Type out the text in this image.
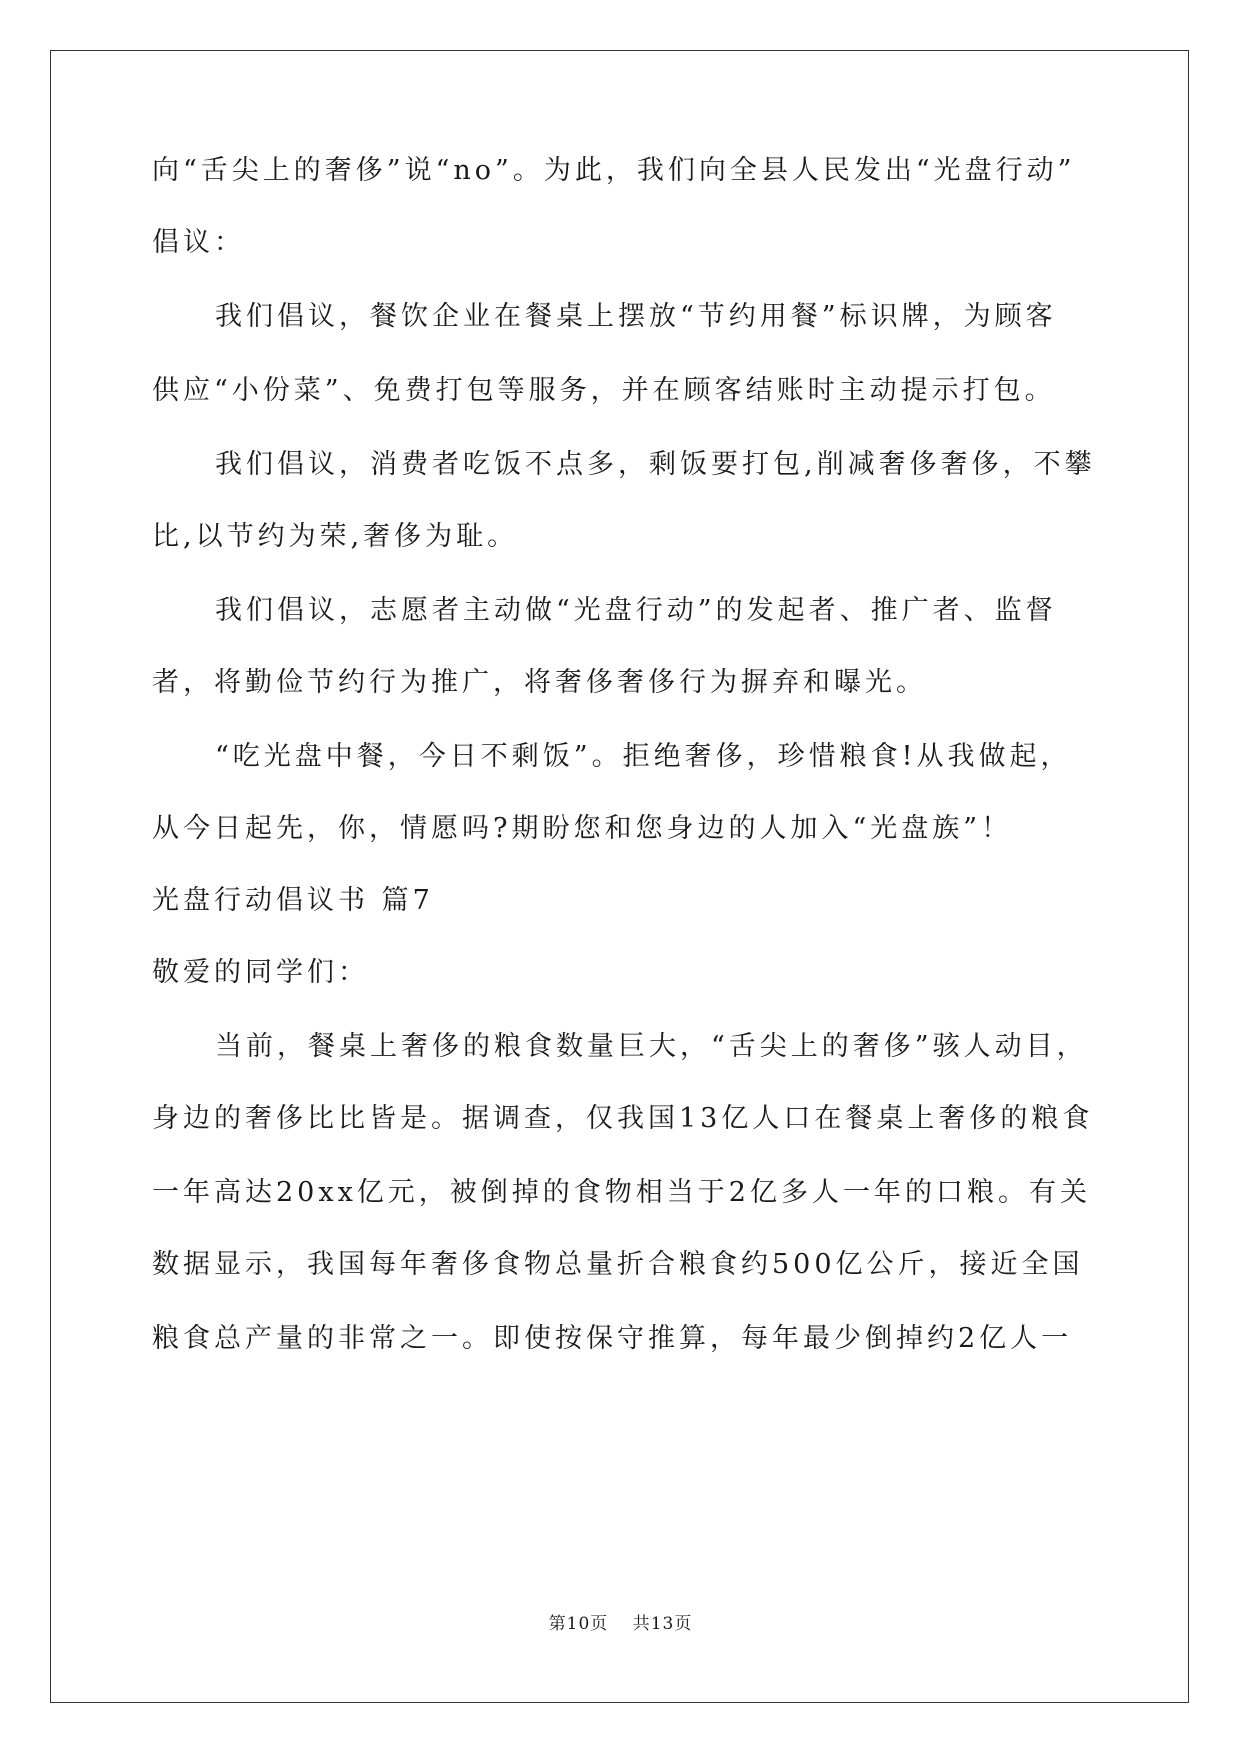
向“舌尖上的奢侈”说“no”。为此，我们向全县人民发出“光盘行动”
倡议：
我们倡议，餐饮企业在餐桌上摆放“节约用餐”标识牌，为顾客
供应“小份菜”、免费打包等服务，并在顾客结账时主动提示打包。
我们倡议，消费者吃饭不点多，剩饭要打包,削减奢侈奢侈，不攀
比,以节约为荣,奢侈为耻。
我们倡议，志愿者主动做“光盘行动”的发起者、推广者、监督
者，将勤俭节约行为推广，将奢侈奢侈行为摒弃和曝光。
“吃光盘中餐，今日不剩饭”。拒绝奢侈，珍惜粮食!从我做起，
从今日起先，你，情愿吗?期盼您和您身边的人加入“光盘族”！
光盘行动倡议书 篇7
敬爱的同学们：
当前，餐桌上奢侈的粮食数量巨大，“舌尖上的奢侈”骇人动目，
身边的奢侈比比皆是。据调查，仅我国13亿人口在餐桌上奢侈的粮食
一年高达20xx亿元，被倒掉的食物相当于2亿多人一年的口粮。有关
数据显示，我国每年奢侈食物总量折合粮食约500亿公斤，接近全国
粮食总产量的非常之一。即使按保守推算，每年最少倒掉约2亿人一
第10页 共13页
